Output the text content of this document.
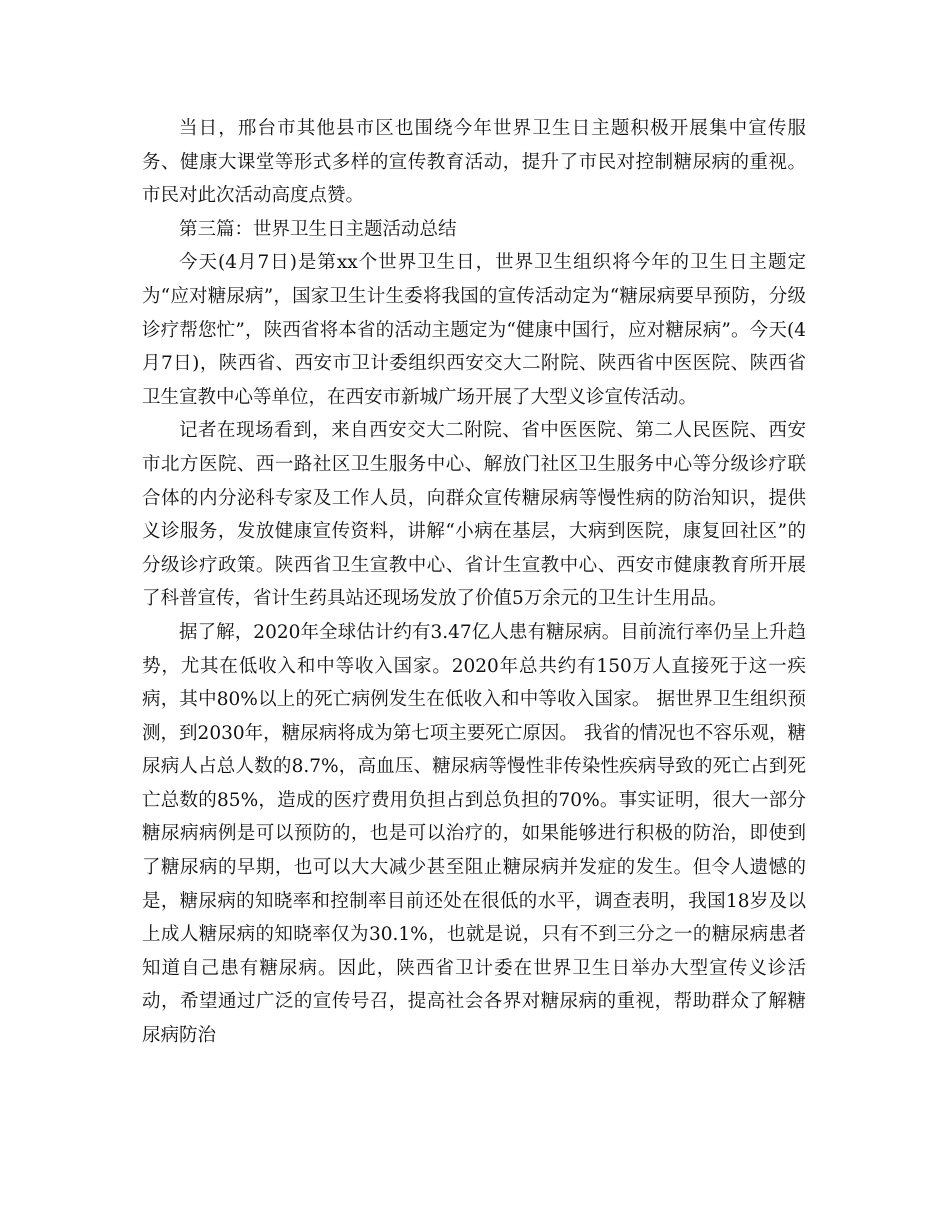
当日，邢台市其他县市区也围绕今年世界卫生日主题积极开展集中宣传服务、健康大课堂等形式多样的宣传教育活动，提升了市民对控制糖尿病的重视。市民对此次活动高度点赞。

第三篇：世界卫生日主题活动总结

今天(4月7日)是第xx个世界卫生日，世界卫生组织将今年的卫生日主题定为“应对糖尿病”，国家卫生计生委将我国的宣传活动定为“糖尿病要早预防，分级诊疗帮您忙”，陕西省将本省的活动主题定为“健康中国行，应对糖尿病”。今天(4月7日)，陕西省、西安市卫计委组织西安交大二附院、陕西省中医医院、陕西省卫生宣教中心等单位，在西安市新城广场开展了大型义诊宣传活动。

记者在现场看到，来自西安交大二附院、省中医医院、第二人民医院、西安市北方医院、西一路社区卫生服务中心、解放门社区卫生服务中心等分级诊疗联合体的内分泌科专家及工作人员，向群众宣传糖尿病等慢性病的防治知识，提供义诊服务，发放健康宣传资料，讲解“小病在基层，大病到医院，康复回社区”的分级诊疗政策。陕西省卫生宣教中心、省计生宣教中心、西安市健康教育所开展了科普宣传，省计生药具站还现场发放了价值5万余元的卫生计生用品。

据了解，2020年全球估计约有3.47亿人患有糖尿病。目前流行率仍呈上升趋势，尤其在低收入和中等收入国家。2020年总共约有150万人直接死于这一疾病，其中80%以上的死亡病例发生在低收入和中等收入国家。 据世界卫生组织预测，到2030年，糖尿病将成为第七项主要死亡原因。 我省的情况也不容乐观，糖尿病人占总人数的8.7%，高血压、糖尿病等慢性非传染性疾病导致的死亡占到死亡总数的85%，造成的医疗费用负担占到总负担的70%。事实证明，很大一部分糖尿病病例是可以预防的，也是可以治疗的，如果能够进行积极的防治，即使到了糖尿病的早期，也可以大大减少甚至阻止糖尿病并发症的发生。但令人遗憾的是，糖尿病的知晓率和控制率目前还处在很低的水平，调查表明，我国18岁及以上成人糖尿病的知晓率仅为30.1%，也就是说，只有不到三分之一的糖尿病患者知道自己患有糖尿病。因此，陕西省卫计委在世界卫生日举办大型宣传义诊活动，希望通过广泛的宣传号召，提高社会各界对糖尿病的重视，帮助群众了解糖尿病防治
